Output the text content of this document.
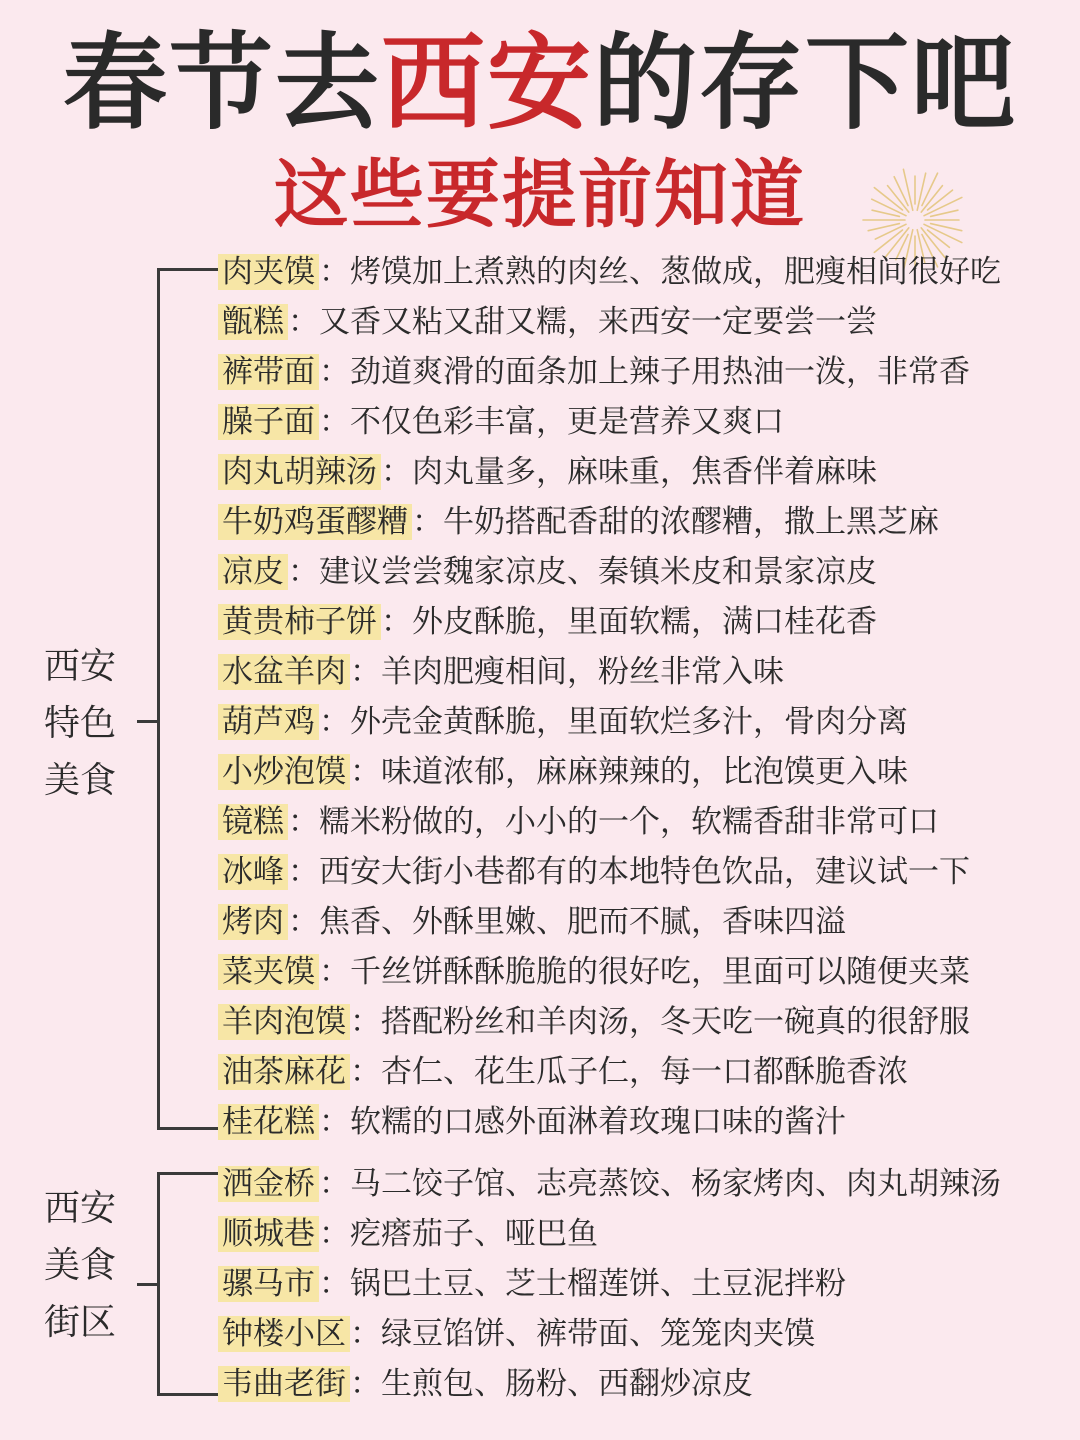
春节去西安的存下吧
这些要提前知道
西安
特色
美食
肉夹馍 ：烤馍加上煮熟的肉丝、葱做成，肥瘦相间很好吃
甑糕 ：又香又粘又甜又糯，来西安一定要尝一尝
裤带面 ：劲道爽滑的面条加上辣子用热油一泼，非常香
臊子面 ：不仅色彩丰富，更是营养又爽口
肉丸胡辣汤 ：肉丸量多，麻味重，焦香伴着麻味
牛奶鸡蛋醪糟 ：牛奶搭配香甜的浓醪糟，撒上黑芝麻
凉皮 ：建议尝尝魏家凉皮、秦镇米皮和景家凉皮
黄贵柿子饼 ：外皮酥脆，里面软糯，满口桂花香
水盆羊肉 ：羊肉肥瘦相间，粉丝非常入味
葫芦鸡 ：外壳金黄酥脆，里面软烂多汁，骨肉分离
小炒泡馍 ：味道浓郁，麻麻辣辣的，比泡馍更入味
镜糕 ：糯米粉做的，小小的一个，软糯香甜非常可口
冰峰 ：西安大街小巷都有的本地特色饮品，建议试一下
烤肉 ：焦香、外酥里嫩、肥而不腻，香味四溢
菜夹馍 ：千丝饼酥酥脆脆的很好吃，里面可以随便夹菜
羊肉泡馍 ：搭配粉丝和羊肉汤，冬天吃一碗真的很舒服
油茶麻花 ：杏仁、花生瓜子仁，每一口都酥脆香浓
桂花糕 ：软糯的口感外面淋着玫瑰口味的酱汁
西安
美食
街区
洒金桥 ：马二饺子馆、志亮蒸饺、杨家烤肉、肉丸胡辣汤
顺城巷 ：疙瘩茄子、哑巴鱼
骡马市 ：锅巴土豆、芝士榴莲饼、土豆泥拌粉
钟楼小区 ：绿豆馅饼、裤带面、笼笼肉夹馍
韦曲老街 ：生煎包、肠粉、西翻炒凉皮
